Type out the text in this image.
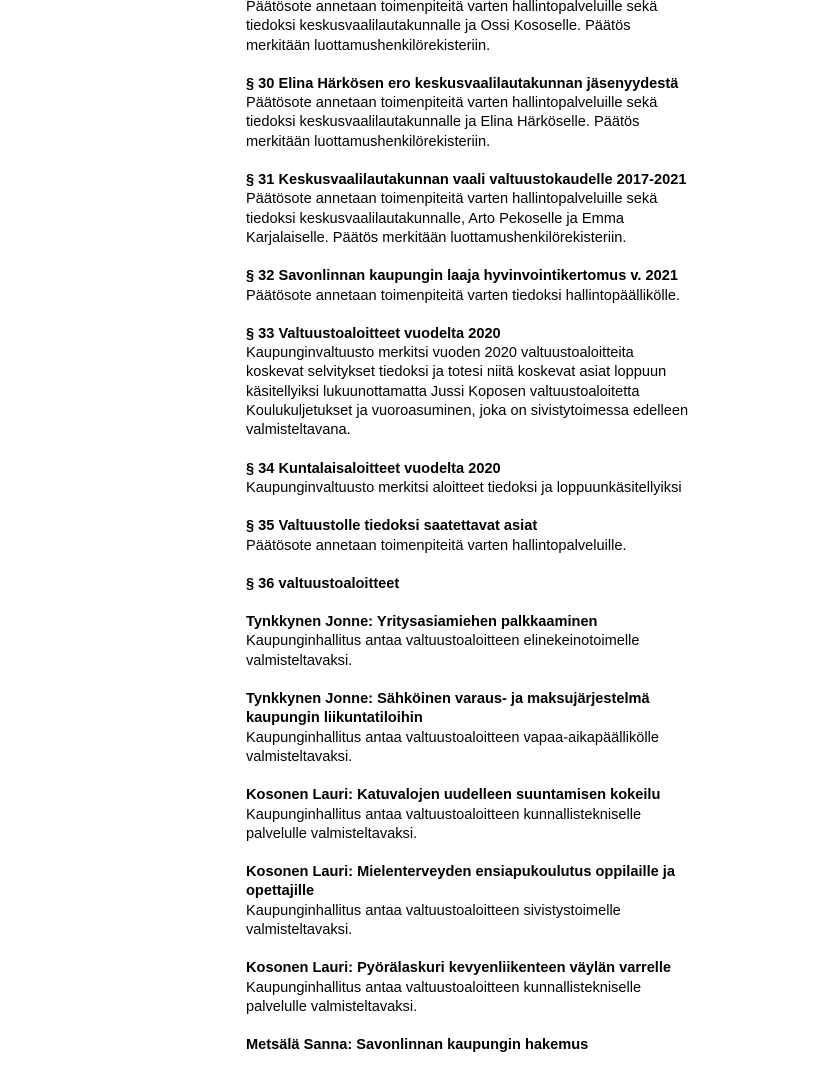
Päätösote annetaan toimenpiteitä varten hallintopalveluille sekä
tiedoksi keskusvaalilautakunnalle ja Ossi Kososelle. Päätös
merkitään luottamushenkilörekisteriin.
§ 30 Elina Härkösen ero keskusvaalilautakunnan jäsenyydestä
Päätösote annetaan toimenpiteitä varten hallintopalveluille sekä
tiedoksi keskusvaalilautakunnalle ja Elina Härköselle. Päätös
merkitään luottamushenkilörekisteriin.
§ 31 Keskusvaalilautakunnan vaali valtuustokaudelle 2017-2021
Päätösote annetaan toimenpiteitä varten hallintopalveluille sekä
tiedoksi keskusvaalilautakunnalle, Arto Pekoselle ja Emma
Karjalaiselle. Päätös merkitään luottamushenkilörekisteriin.
§ 32 Savonlinnan kaupungin laaja hyvinvointikertomus v. 2021
Päätösote annetaan toimenpiteitä varten tiedoksi hallintopäällikölle.
§ 33 Valtuustoaloitteet vuodelta 2020
Kaupunginvaltuusto merkitsi vuoden 2020 valtuustoaloitteita
koskevat selvitykset tiedoksi ja totesi niitä koskevat asiat loppuun
käsitellyiksi lukuunottamatta Jussi Koposen valtuustoaloitetta
Koulukuljetukset ja vuoroasuminen, joka on sivistytoimessa edelleen
valmisteltavana.
§ 34 Kuntalaisaloitteet vuodelta 2020
Kaupunginvaltuusto merkitsi aloitteet tiedoksi ja loppuunkäsitellyiksi
§ 35 Valtuustolle tiedoksi saatettavat asiat
Päätösote annetaan toimenpiteitä varten hallintopalveluille.
§ 36 valtuustoaloitteet
Tynkkynen Jonne: Yritysasiamiehen palkkaaminen
Kaupunginhallitus antaa valtuustoaloitteen elinekeinotoimelle
valmisteltavaksi.
Tynkkynen Jonne: Sähköinen varaus- ja maksujärjestelmä
kaupungin liikuntatiloihin
Kaupunginhallitus antaa valtuustoaloitteen vapaa-aikapäällikölle
valmisteltavaksi.
Kosonen Lauri: Katuvalojen uudelleen suuntamisen kokeilu
Kaupunginhallitus antaa valtuustoaloitteen kunnallistekniselle
palvelulle valmisteltavaksi.
Kosonen Lauri: Mielenterveyden ensiapukoulutus oppilaille ja
opettajille
Kaupunginhallitus antaa valtuustoaloitteen sivistystoimelle
valmisteltavaksi.
Kosonen Lauri: Pyörälaskuri kevyenliikenteen väylän varrelle
Kaupunginhallitus antaa valtuustoaloitteen kunnallistekniselle
palvelulle valmisteltavaksi.
Metsälä Sanna: Savonlinnan kaupungin hakemus
